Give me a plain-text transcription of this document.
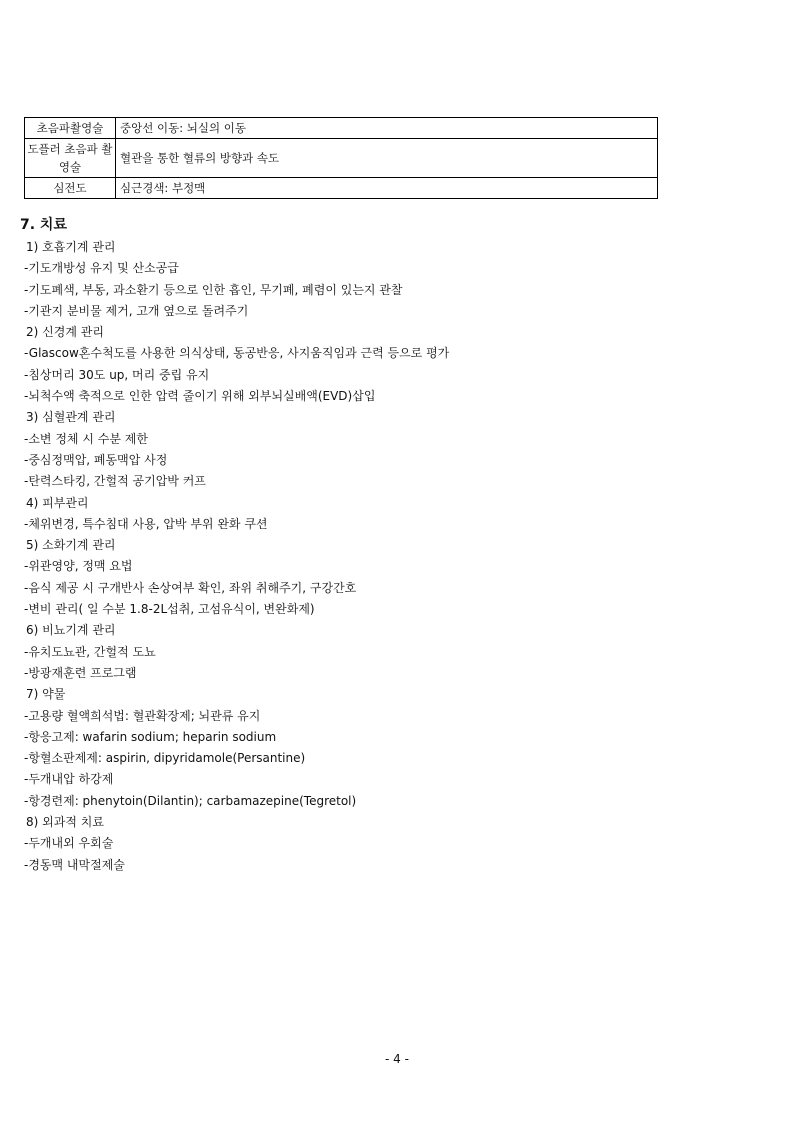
초음파촬영술	중앙선 이동: 뇌실의 이동
도플러 초음파 촬영술	혈관을 통한 혈류의 방향과 속도
심전도	심근경색: 부정맥
7. 치료
1) 호흡기계 관리
-기도개방성 유지 및 산소공급
-기도폐색, 부동, 과소환기 등으로 인한 흡인, 무기폐, 폐렴이 있는지 관찰
-기관지 분비물 제거, 고개 옆으로 돌려주기
2) 신경계 관리
-Glascow혼수척도를 사용한 의식상태, 동공반응, 사지움직임과 근력 등으로 평가
-침상머리 30도 up, 머리 중립 유지
-뇌척수액 축적으로 인한 압력 줄이기 위해 외부뇌실배액(EVD)삽입
3) 심혈관계 관리
-소변 정체 시 수분 제한
-중심정맥압, 폐동맥압 사정
-탄력스타킹, 간헐적 공기압박 커프
4) 피부관리
-체위변경, 특수침대 사용, 압박 부위 완화 쿠션
5) 소화기계 관리
-위관영양, 정맥 요법
-음식 제공 시 구개반사 손상여부 확인, 좌위 취해주기, 구강간호
-변비 관리( 일 수분 1.8-2L섭취, 고섬유식이, 변완화제)
6) 비뇨기계 관리
-유치도뇨관, 간헐적 도뇨
-방광재훈련 프로그램
7) 약물
-고용량 혈액희석법: 혈관확장제; 뇌관류 유지
-항응고제: wafarin sodium; heparin sodium
-항혈소판제제: aspirin, dipyridamole(Persantine)
-두개내압 하강제
-항경련제: phenytoin(Dilantin); carbamazepine(Tegretol)
8) 외과적 치료
-두개내외 우회술
-경동맥 내막절제술
- 4 -
